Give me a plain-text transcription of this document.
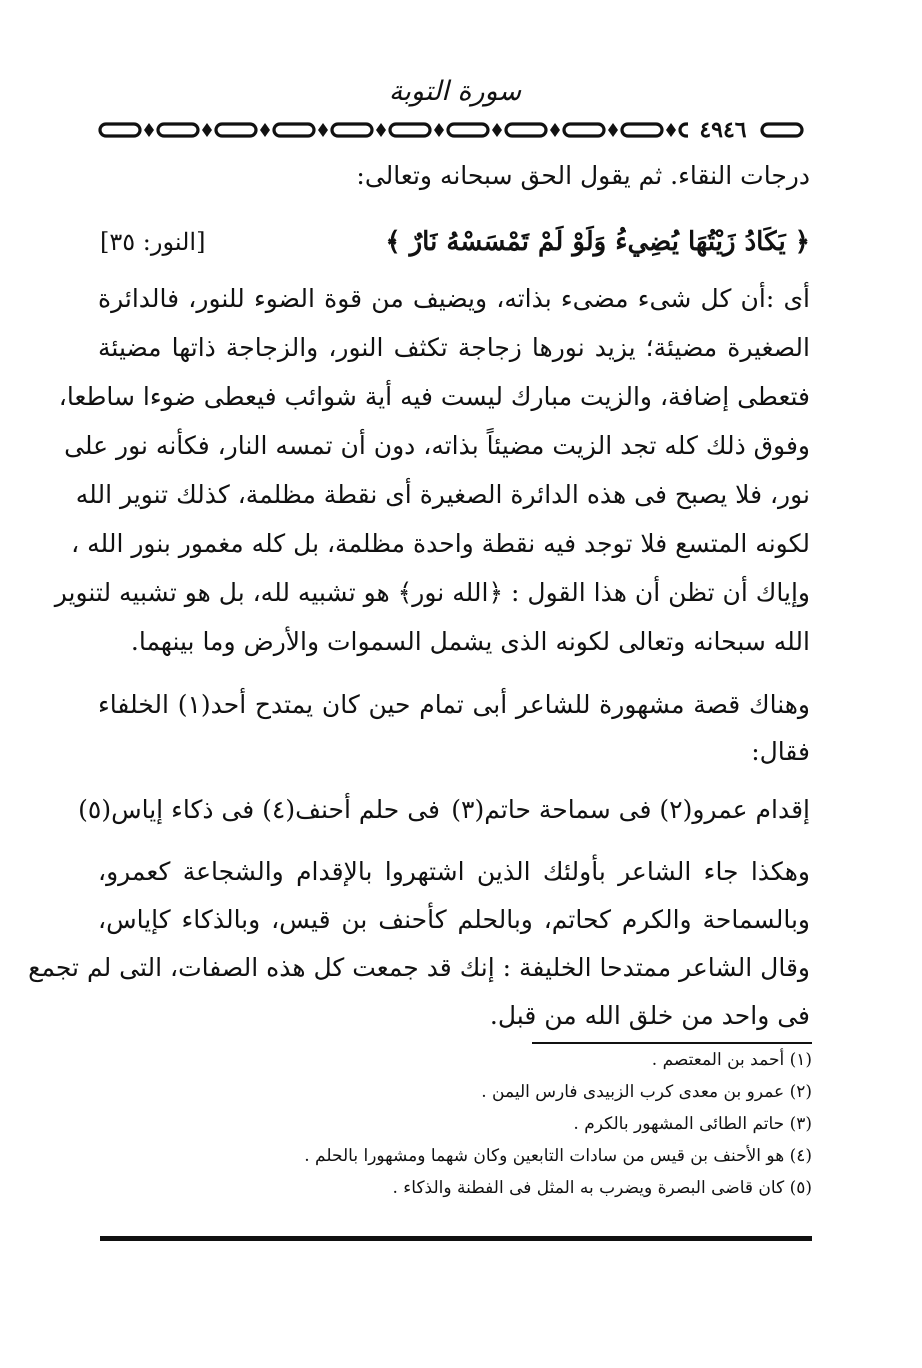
سورة التوبة
٤٩٤٦
درجات النقاء. ثم يقول الحق سبحانه وتعالى:
﴿ يَكَادُ زَيْتُهَا يُضِيءُ وَلَوْ لَمْ تَمْسَسْهُ نَارٌ ﴾
[النور: ٣٥]
أى :أن كل شىء مضىء بذاته، ويضيف من قوة الضوء للنور، فالدائرة
الصغيرة مضيئة؛ يزيد نورها زجاجة تكثف النور، والزجاجة ذاتها مضيئة
فتعطى إضافة، والزيت مبارك ليست فيه أية شوائب فيعطى ضوءا ساطعا،
وفوق ذلك كله تجد الزيت مضيئاً بذاته، دون أن تمسه النار، فكأنه نور على
نور، فلا يصبح فى هذه الدائرة الصغيرة أى نقطة مظلمة، كذلك تنوير الله
لكونه المتسع فلا توجد فيه نقطة واحدة مظلمة، بل كله مغمور بنور الله ،
وإياك أن تظن أن هذا القول : ﴿الله نور﴾ هو تشبيه لله، بل هو تشبيه لتنوير
الله سبحانه وتعالى لكونه الذى يشمل السموات والأرض وما بينهما.
وهناك قصة مشهورة للشاعر أبى تمام حين كان يمتدح أحد(١) الخلفاء
فقال:
إقدام عمرو(٢) فى سماحة حاتم(٣)
فى حلم أحنف(٤) فى ذكاء إياس(٥)
وهكذا جاء الشاعر بأولئك الذين اشتهروا بالإقدام والشجاعة كعمرو،
وبالسماحة والكرم كحاتم، وبالحلم كأحنف بن قيس، وبالذكاء كإياس،
وقال الشاعر ممتدحا الخليفة : إنك قد جمعت كل هذه الصفات، التى لم تجمع
فى واحد من خلق الله من قبل.
(١) أحمد بن المعتصم .
(٢) عمرو بن معدى كرب الزبيدى فارس اليمن .
(٣) حاتم الطائى المشهور بالكرم .
(٤) هو الأحنف بن قيس من سادات التابعين وكان شهما ومشهورا بالحلم .
(٥) كان قاضى البصرة ويضرب به المثل فى الفطنة والذكاء .
